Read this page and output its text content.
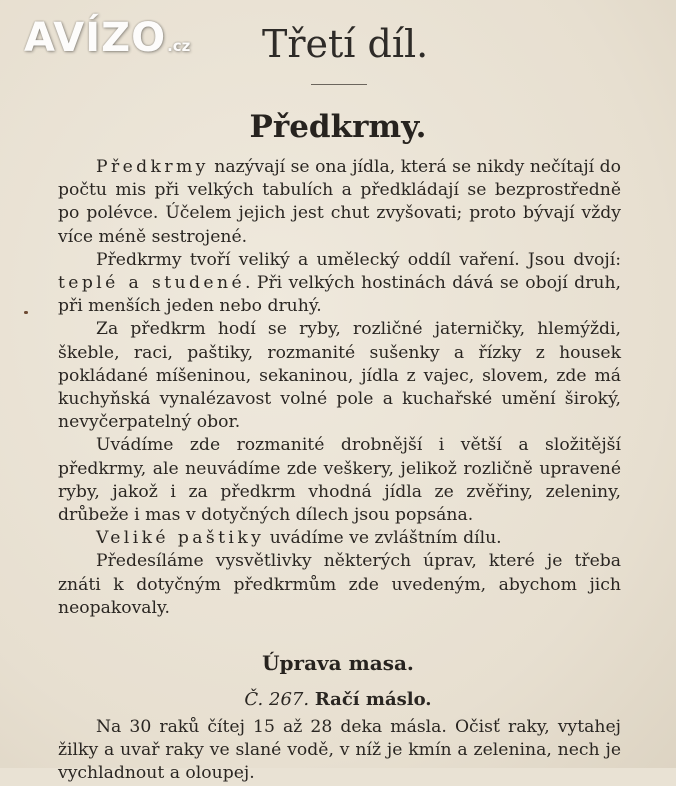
AVÍZO.cz Třetí díl.
Předkrmy.

Předkrmy nazývají se ona jídla, která se nikdy nečítají do počtu mis při velkých tabulích a předkládají se bezprostředně po polévce. Účelem jejich jest chut zvyšovati; proto bývají vždy více méně sestrojené.

Předkrmy tvoří veliký a umělecký oddíl vaření. Jsou dvojí: teplé a studené. Při velkých hostinách dává se obojí druh, při menších jeden nebo druhý.

Za předkrm hodí se ryby, rozličné jaterničky, hlemýždi, škeble, raci, paštiky, rozmanité sušenky a řízky z housek pokládané míšeninou, sekaninou, jídla z vajec, slovem, zde má kuchyňská vynalézavost volné pole a kuchařské umění široký, nevyčerpatelný obor.

Uvádíme zde rozmanité drobnější i větší a složitější předkrmy, ale neuvádíme zde veškery, jelikož rozličně upravené ryby, jakož i za předkrm vhodná jídla ze zvěřiny, zeleniny, drůbeže i mas v dotyčných dílech jsou popsána.

Veliké paštiky uvádíme ve zvláštním dílu.

Předesíláme vysvětlivky některých úprav, které je třeba znáti k dotyčným předkrmům zde uvedeným, abychom jich neopakovaly.

Úprava masa.
Č. 267. Račí máslo.

Na 30 raků čítej 15 až 28 deka másla. Očisť raky, vytahej žilky a uvař raky ve slané vodě, v níž je kmín a zelenina, nech je vychladnout a oloupej.
